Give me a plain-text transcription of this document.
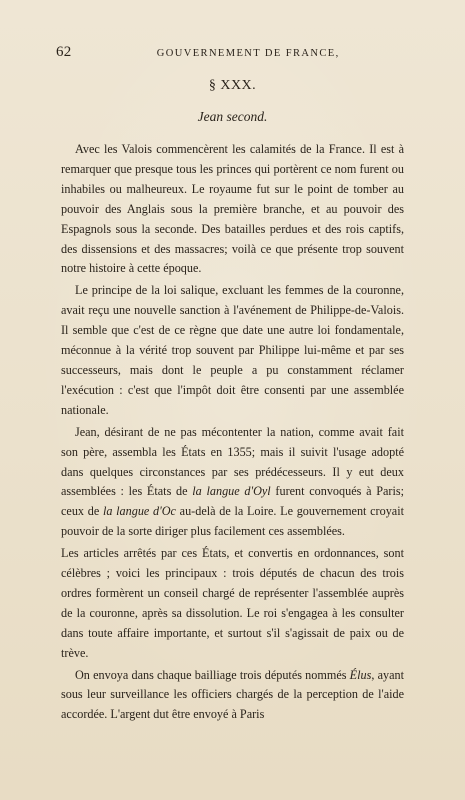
62	GOUVERNEMENT DE FRANCE,
§ XXX.
Jean second.

Avec les Valois commencèrent les calamités de la France. Il est à remarquer que presque tous les princes qui portèrent ce nom furent ou inhabiles ou malheureux. Le royaume fut sur le point de tomber au pouvoir des Anglais sous la première branche, et au pouvoir des Espagnols sous la seconde. Des batailles perdues et des rois captifs, des dissensions et des massacres; voilà ce que présente trop souvent notre histoire à cette époque.

Le principe de la loi salique, excluant les femmes de la couronne, avait reçu une nouvelle sanction à l'avénement de Philippe-de-Valois. Il semble que c'est de ce règne que date une autre loi fondamentale, méconnue à la vérité trop souvent par Philippe lui-même et par ses successeurs, mais dont le peuple a pu constamment réclamer l'exécution : c'est que l'impôt doit être consenti par une assemblée nationale.

Jean, désirant de ne pas mécontenter la nation, comme avait fait son père, assembla les États en 1355; mais il suivit l'usage adopté dans quelques circonstances par ses prédécesseurs. Il y eut deux assemblées : les États de la langue d'Oyl furent convoqués à Paris; ceux de la langue d'Oc au-delà de la Loire. Le gouvernement croyait pouvoir de la sorte diriger plus facilement ces assemblées.

Les articles arrêtés par ces États, et convertis en ordonnances, sont célèbres ; voici les principaux : trois députés de chacun des trois ordres formèrent un conseil chargé de représenter l'assemblée auprès de la couronne, après sa dissolution. Le roi s'engagea à les consulter dans toute affaire importante, et surtout s'il s'agissait de paix ou de trève.

On envoya dans chaque bailliage trois députés nommés Élus, ayant sous leur surveillance les officiers chargés de la perception de l'aide accordée. L'argent dut être envoyé à Paris
